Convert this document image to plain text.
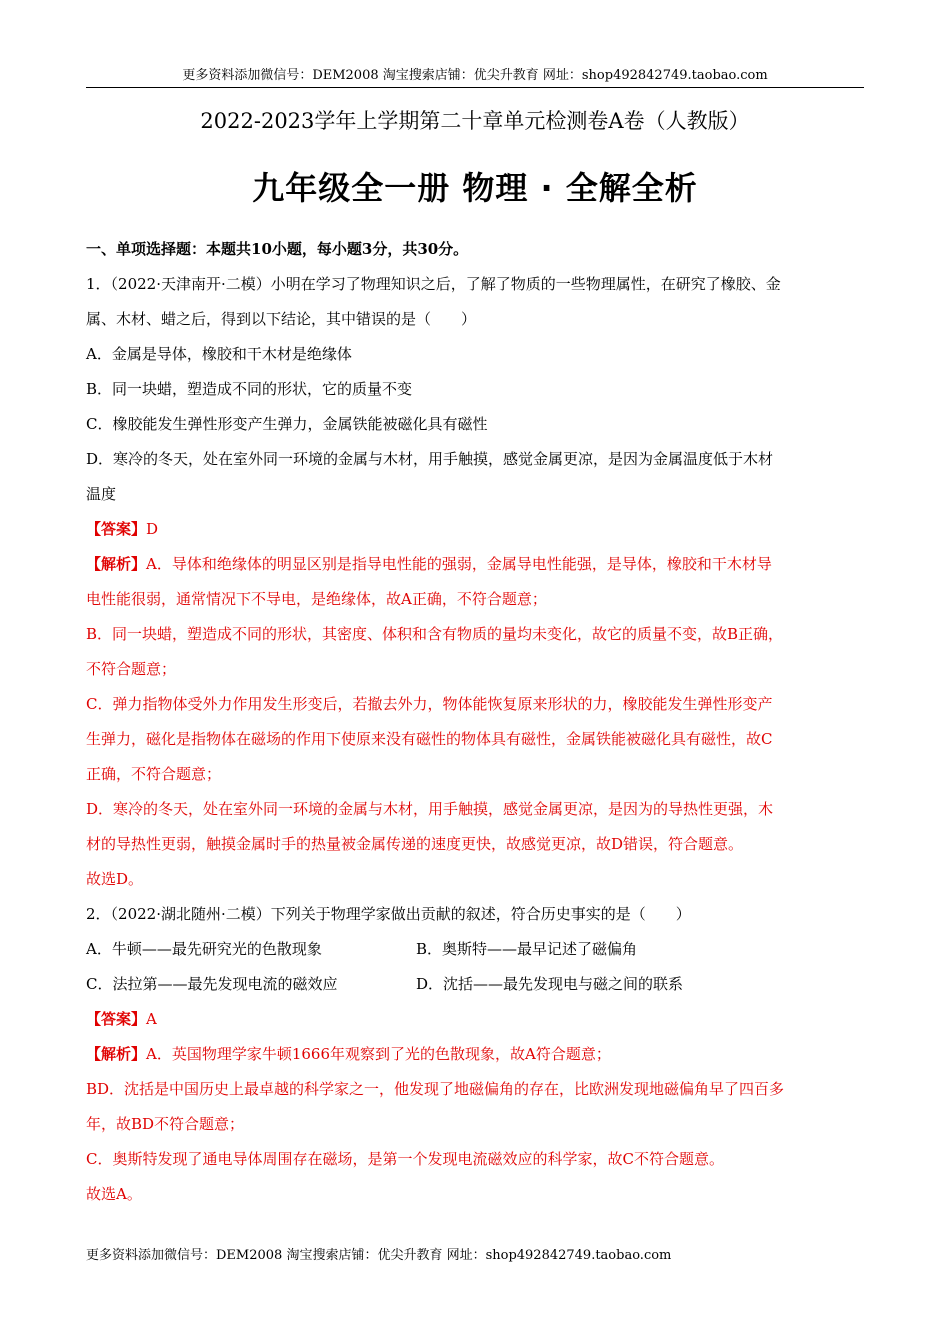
更多资料添加微信号：DEM2008 淘宝搜索店铺：优尖升教育 网址：shop492842749.taobao.com
2022-2023学年上学期第二十章单元检测卷A卷（人教版）
九年级全一册 物理 · 全解全析

一、单项选择题：本题共10小题，每小题3分，共30分。

1．（2022·天津南开·二模）小明在学习了物理知识之后，了解了物质的一些物理属性，在研究了橡胶、金

属、木材、蜡之后，得到以下结论，其中错误的是（　　）

A．金属是导体，橡胶和干木材是绝缘体

B．同一块蜡，塑造成不同的形状，它的质量不变

C．橡胶能发生弹性形变产生弹力，金属铁能被磁化具有磁性

D．寒冷的冬天，处在室外同一环境的金属与木材，用手触摸，感觉金属更凉，是因为金属温度低于木材

温度

【答案】D

【解析】A．导体和绝缘体的明显区别是指导电性能的强弱，金属导电性能强，是导体，橡胶和干木材导

电性能很弱，通常情况下不导电，是绝缘体，故A正确，不符合题意；

B．同一块蜡，塑造成不同的形状，其密度、体积和含有物质的量均未变化，故它的质量不变，故B正确，

不符合题意；

C．弹力指物体受外力作用发生形变后，若撤去外力，物体能恢复原来形状的力，橡胶能发生弹性形变产

生弹力，磁化是指物体在磁场的作用下使原来没有磁性的物体具有磁性，金属铁能被磁化具有磁性，故C

正确，不符合题意；

D．寒冷的冬天，处在室外同一环境的金属与木材，用手触摸，感觉金属更凉，是因为的导热性更强，木

材的导热性更弱，触摸金属时手的热量被金属传递的速度更快，故感觉更凉，故D错误，符合题意。

故选D。

2．（2022·湖北随州·二模）下列关于物理学家做出贡献的叙述，符合历史事实的是（　　）

A．牛顿——最先研究光的色散现象	B．奥斯特——最早记述了磁偏角

C．法拉第——最先发现电流的磁效应	D．沈括——最先发现电与磁之间的联系

【答案】A

【解析】A．英国物理学家牛顿1666年观察到了光的色散现象，故A符合题意；

BD．沈括是中国历史上最卓越的科学家之一，他发现了地磁偏角的存在，比欧洲发现地磁偏角早了四百多

年，故BD不符合题意；

C．奥斯特发现了通电导体周围存在磁场，是第一个发现电流磁效应的科学家，故C不符合题意。

故选A。

更多资料添加微信号：DEM2008 淘宝搜索店铺：优尖升教育 网址：shop492842749.taobao.com
